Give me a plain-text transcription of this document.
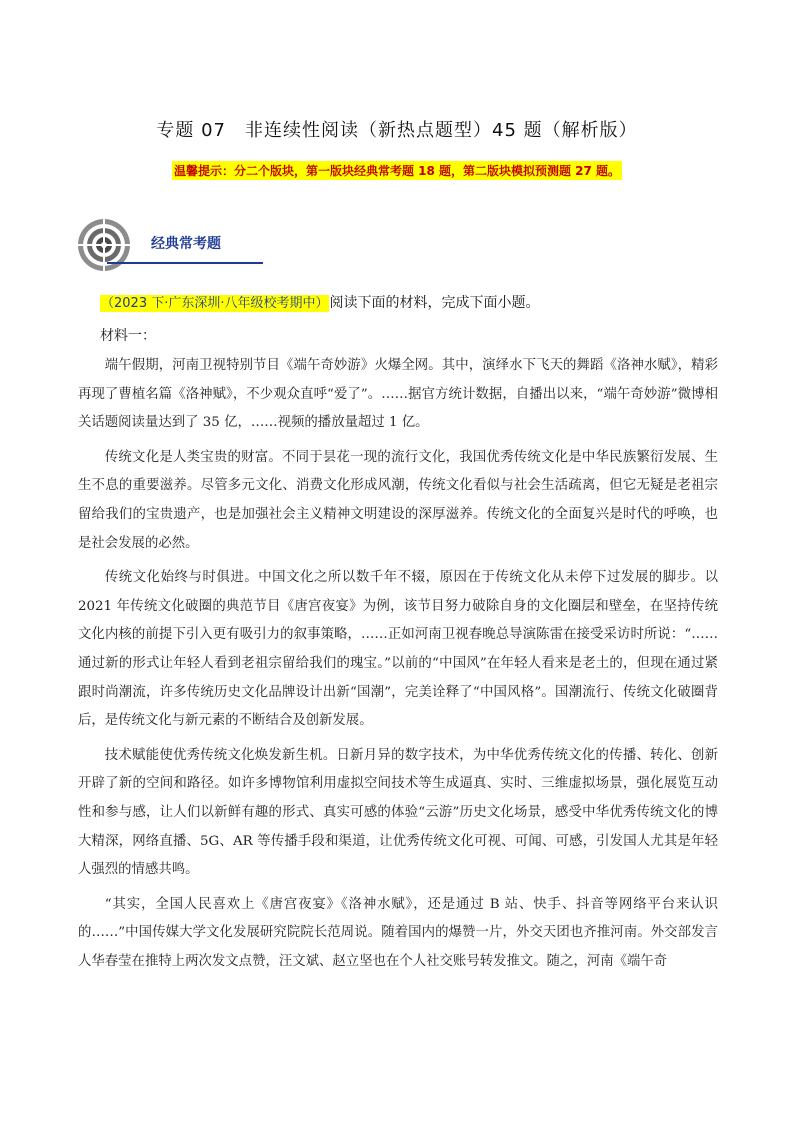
专题 07　非连续性阅读（新热点题型）45 题（解析版）
温馨提示：分二个版块，第一版块经典常考题 18 题，第二版块模拟预测题 27 题。
经典常考题
（2023 下·广东深圳·八年级校考期中）阅读下面的材料，完成下面小题。
材料一：

端午假期，河南卫视特别节目《端午奇妙游》火爆全网。其中，演绎水下飞天的舞蹈《洛神水赋》，精彩再现了曹植名篇《洛神赋》，不少观众直呼“爱了”。……据官方统计数据，自播出以来，“端午奇妙游”微博相关话题阅读量达到了 35 亿，……视频的播放量超过 1 亿。

传统文化是人类宝贵的财富。不同于昙花一现的流行文化，我国优秀传统文化是中华民族繁衍发展、生生不息的重要滋养。尽管多元文化、消费文化形成风潮，传统文化看似与社会生活疏离，但它无疑是老祖宗留给我们的宝贵遗产，也是加强社会主义精神文明建设的深厚滋养。传统文化的全面复兴是时代的呼唤，也是社会发展的必然。

传统文化始终与时俱进。中国文化之所以数千年不辍，原因在于传统文化从未停下过发展的脚步。以 2021 年传统文化破圈的典范节目《唐宫夜宴》为例，该节目努力破除自身的文化圈层和壁垒，在坚持传统文化内核的前提下引入更有吸引力的叙事策略，……正如河南卫视春晚总导演陈雷在接受采访时所说：“……通过新的形式让年轻人看到老祖宗留给我们的瑰宝。”以前的“中国风”在年轻人看来是老土的，但现在通过紧跟时尚潮流，许多传统历史文化品牌设计出新“国潮”，完美诠释了“中国风格”。国潮流行、传统文化破圈背后，是传统文化与新元素的不断结合及创新发展。

技术赋能使优秀传统文化焕发新生机。日新月异的数字技术，为中华优秀传统文化的传播、转化、创新开辟了新的空间和路径。如许多博物馆利用虚拟空间技术等生成逼真、实时、三维虚拟场景，强化展览互动性和参与感，让人们以新鲜有趣的形式、真实可感的体验“云游”历史文化场景，感受中华优秀传统文化的博大精深，网络直播、5G、AR 等传播手段和渠道，让优秀传统文化可视、可闻、可感，引发国人尤其是年轻人强烈的情感共鸣。

“其实，全国人民喜欢上《唐宫夜宴》《洛神水赋》，还是通过 B 站、快手、抖音等网络平台来认识的……”中国传媒大学文化发展研究院院长范周说。随着国内的爆赞一片，外交天团也齐推河南。外交部发言人华春莹在推特上两次发文点赞，汪文斌、赵立坚也在个人社交账号转发推文。随之，河南《端午奇
